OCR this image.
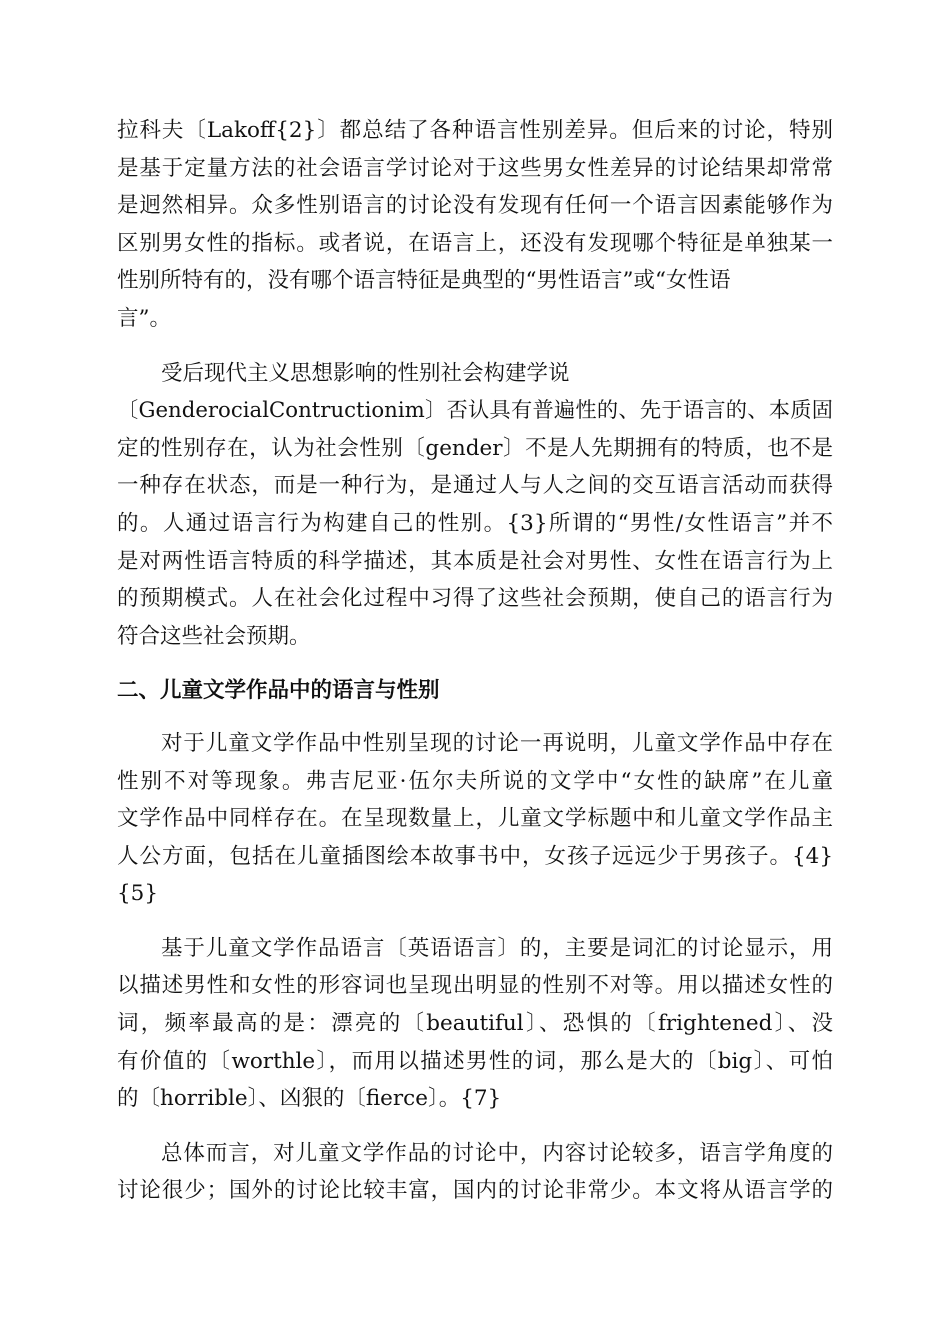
拉科夫〔Lakoff{2}〕都总结了各种语言性别差异。但后来的讨论，特别
是基于定量方法的社会语言学讨论对于这些男女性差异的讨论结果却常常
是迥然相异。众多性别语言的讨论没有发现有任何一个语言因素能够作为
区别男女性的指标。或者说，在语言上，还没有发现哪个特征是单独某一
性别所特有的，没有哪个语言特征是典型的“男性语言”或“女性语
言”。
受后现代主义思想影响的性别社会构建学说
〔GenderocialContructionim〕否认具有普遍性的、先于语言的、本质固
定的性别存在，认为社会性别〔gender〕不是人先期拥有的特质，也不是
一种存在状态，而是一种行为，是通过人与人之间的交互语言活动而获得
的。人通过语言行为构建自己的性别。{3}所谓的“男性/女性语言”并不
是对两性语言特质的科学描述，其本质是社会对男性、女性在语言行为上
的预期模式。人在社会化过程中习得了这些社会预期，使自己的语言行为
符合这些社会预期。
二、儿童文学作品中的语言与性别
对于儿童文学作品中性别呈现的讨论一再说明，儿童文学作品中存在
性别不对等现象。弗吉尼亚·伍尔夫所说的文学中“女性的缺席”在儿童
文学作品中同样存在。在呈现数量上，儿童文学标题中和儿童文学作品主
人公方面，包括在儿童插图绘本故事书中，女孩子远远少于男孩子。{4}
{5}
基于儿童文学作品语言〔英语语言〕的，主要是词汇的讨论显示，用
以描述男性和女性的形容词也呈现出明显的性别不对等。用以描述女性的
词，频率最高的是：漂亮的〔beautiful〕、恐惧的〔frightened〕、没
有价值的〔worthle〕，而用以描述男性的词，那么是大的〔big〕、可怕
的〔horrible〕、凶狠的〔fierce〕。{7}
总体而言，对儿童文学作品的讨论中，内容讨论较多，语言学角度的
讨论很少；国外的讨论比较丰富，国内的讨论非常少。本文将从语言学的
